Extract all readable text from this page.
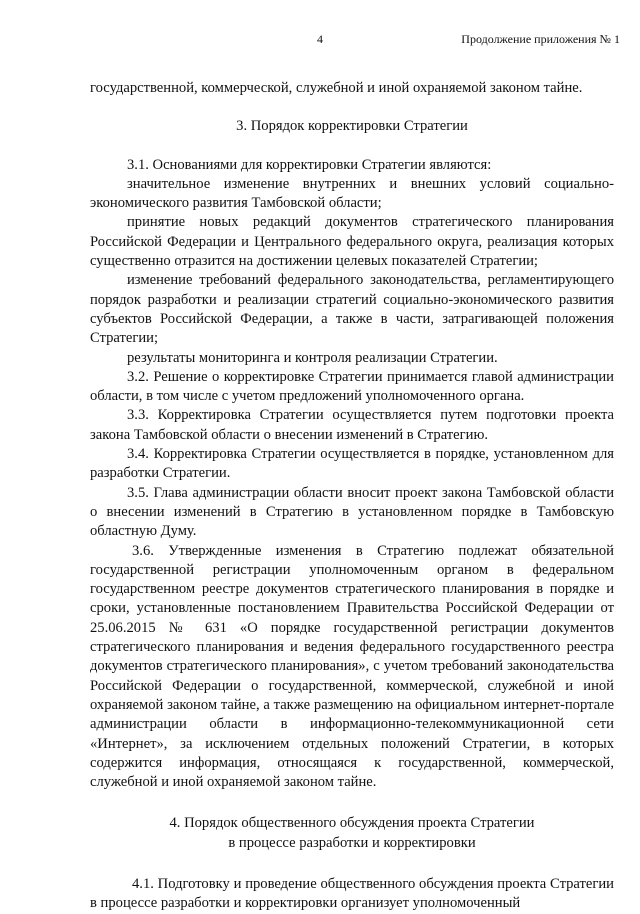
4	Продолжение приложения № 1

государственной, коммерческой, служебной и иной охраняемой законом тайне.

3. Порядок корректировки Стратегии

3.1. Основаниями для корректировки Стратегии являются:

значительное изменение внутренних и внешних условий социально-экономического развития Тамбовской области;

принятие новых редакций документов стратегического планирования Российской Федерации и Центрального федерального округа, реализация которых существенно отразится на достижении целевых показателей Стратегии;

изменение требований федерального законодательства, регламентирующего порядок разработки и реализации стратегий социально-экономического развития субъектов Российской Федерации, а также в части, затрагивающей положения Стратегии;

результаты мониторинга и контроля реализации Стратегии.

3.2. Решение о корректировке Стратегии принимается главой администрации области, в том числе с учетом предложений уполномоченного органа.

3.3. Корректировка Стратегии осуществляется путем подготовки проекта закона Тамбовской области о внесении изменений в Стратегию.

3.4. Корректировка Стратегии осуществляется в порядке, установленном для разработки Стратегии.

3.5. Глава администрации области вносит проект закона Тамбовской области о внесении изменений в Стратегию в установленном порядке в Тамбовскую областную Думу.

3.6. Утвержденные изменения в Стратегию подлежат обязательной государственной регистрации уполномоченным органом в федеральном государственном реестре документов стратегического планирования в порядке и сроки, установленные постановлением Правительства Российской Федерации от 25.06.2015 № 631 «О порядке государственной регистрации документов стратегического планирования и ведения федерального государственного реестра документов стратегического планирования», с учетом требований законодательства Российской Федерации о государственной, коммерческой, служебной и иной охраняемой законом тайне, а также размещению на официальном интернет-портале администрации области в информационно-телекоммуникационной сети «Интернет», за исключением отдельных положений Стратегии, в которых содержится информация, относящаяся к государственной, коммерческой, служебной и иной охраняемой законом тайне.

4. Порядок общественного обсуждения проекта Стратегии

в процессе разработки и корректировки

4.1. Подготовку и проведение общественного обсуждения проекта Стратегии в процессе разработки и корректировки организует уполномоченный
